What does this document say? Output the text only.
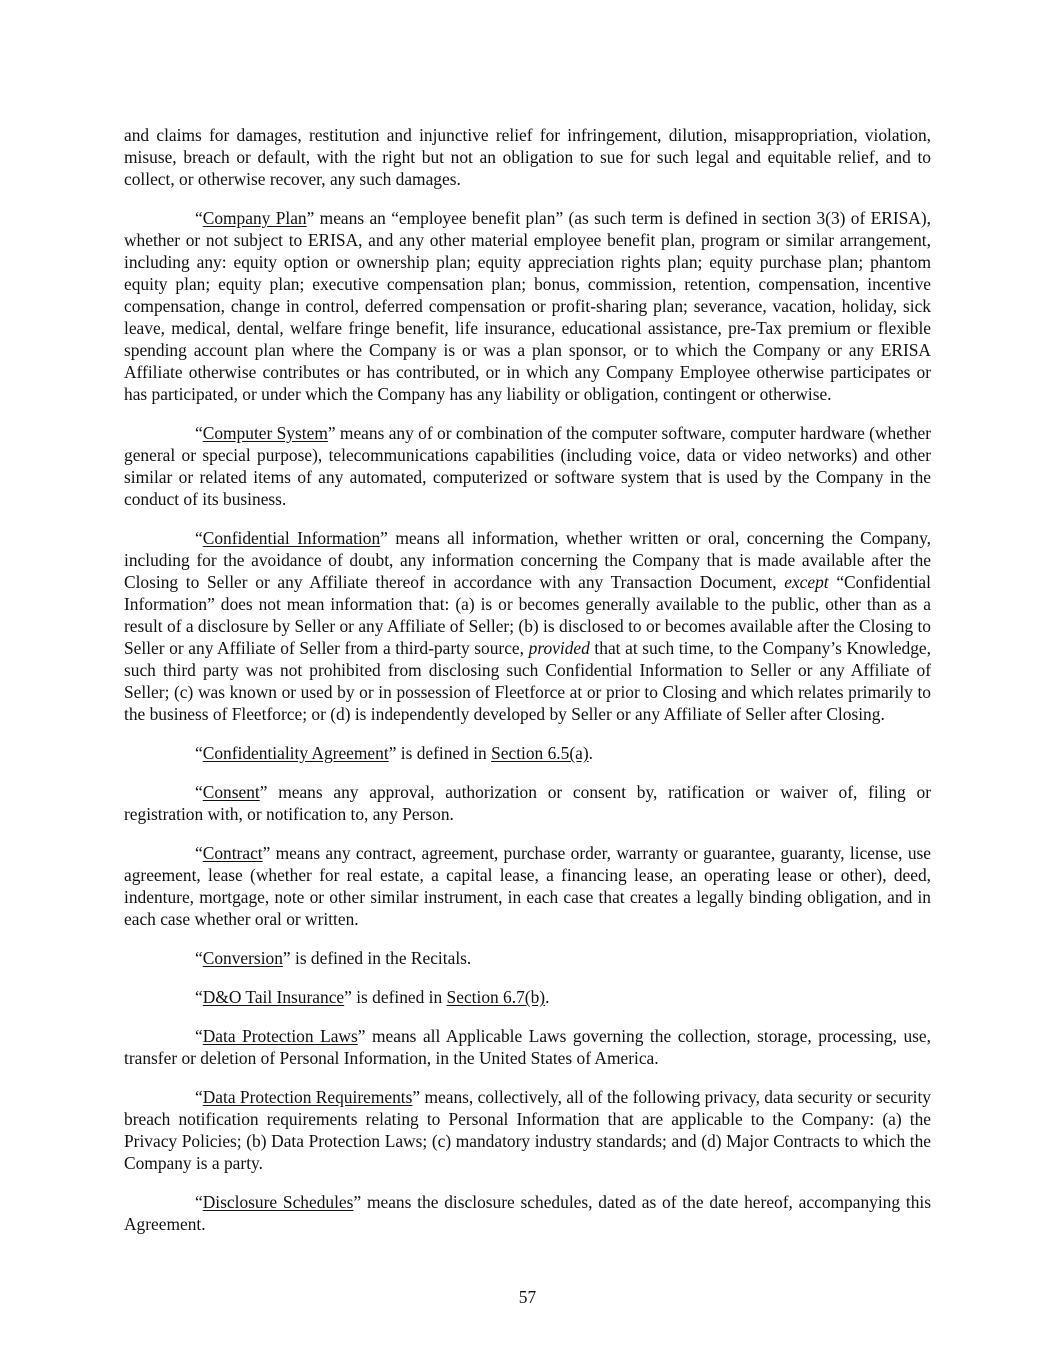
and claims for damages, restitution and injunctive relief for infringement, dilution, misappropriation, violation, misuse, breach or default, with the right but not an obligation to sue for such legal and equitable relief, and to collect, or otherwise recover, any such damages.

“Company Plan” means an “employee benefit plan” (as such term is defined in section 3(3) of ERISA), whether or not subject to ERISA, and any other material employee benefit plan, program or similar arrangement, including any: equity option or ownership plan; equity appreciation rights plan; equity purchase plan; phantom equity plan; equity plan; executive compensation plan; bonus, commission, retention, compensation, incentive compensation, change in control, deferred compensation or profit-sharing plan; severance, vacation, holiday, sick leave, medical, dental, welfare fringe benefit, life insurance, educational assistance, pre-Tax premium or flexible spending account plan where the Company is or was a plan sponsor, or to which the Company or any ERISA Affiliate otherwise contributes or has contributed, or in which any Company Employee otherwise participates or has participated, or under which the Company has any liability or obligation, contingent or otherwise.

“Computer System” means any of or combination of the computer software, computer hardware (whether general or special purpose), telecommunications capabilities (including voice, data or video networks) and other similar or related items of any automated, computerized or software system that is used by the Company in the conduct of its business.

“Confidential Information” means all information, whether written or oral, concerning the Company, including for the avoidance of doubt, any information concerning the Company that is made available after the Closing to Seller or any Affiliate thereof in accordance with any Transaction Document, except “Confidential Information” does not mean information that: (a) is or becomes generally available to the public, other than as a result of a disclosure by Seller or any Affiliate of Seller; (b) is disclosed to or becomes available after the Closing to Seller or any Affiliate of Seller from a third-party source, provided that at such time, to the Company’s Knowledge, such third party was not prohibited from disclosing such Confidential Information to Seller or any Affiliate of Seller; (c) was known or used by or in possession of Fleetforce at or prior to Closing and which relates primarily to the business of Fleetforce; or (d) is independently developed by Seller or any Affiliate of Seller after Closing.

“Confidentiality Agreement” is defined in Section 6.5(a).

“Consent” means any approval, authorization or consent by, ratification or waiver of, filing or registration with, or notification to, any Person.

“Contract” means any contract, agreement, purchase order, warranty or guarantee, guaranty, license, use agreement, lease (whether for real estate, a capital lease, a financing lease, an operating lease or other), deed, indenture, mortgage, note or other similar instrument, in each case that creates a legally binding obligation, and in each case whether oral or written.

“Conversion” is defined in the Recitals.

“D&O Tail Insurance” is defined in Section 6.7(b).

“Data Protection Laws” means all Applicable Laws governing the collection, storage, processing, use, transfer or deletion of Personal Information, in the United States of America.

“Data Protection Requirements” means, collectively, all of the following privacy, data security or security breach notification requirements relating to Personal Information that are applicable to the Company: (a) the Privacy Policies; (b) Data Protection Laws; (c) mandatory industry standards; and (d) Major Contracts to which the Company is a party.

“Disclosure Schedules” means the disclosure schedules, dated as of the date hereof, accompanying this Agreement.

57
